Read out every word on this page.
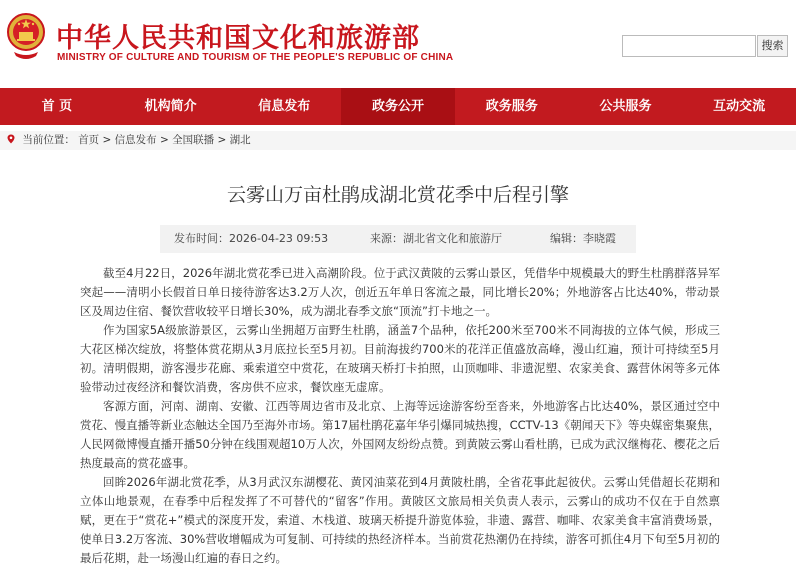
中华人民共和国文化和旅游部
MINISTRY OF CULTURE AND TOURISM OF THE PEOPLE'S REPUBLIC OF CHINA
搜索
首 页	机构简介	信息发布	政务公开	政务服务	公共服务	互动交流
当前位置： 首页 > 信息发布 > 全国联播 > 湖北
云雾山万亩杜鹃成湖北赏花季中后程引擎
发布时间：2026-04-23 09:53	来源：湖北省文化和旅游厅	编辑：李晓霞

截至4月22日，2026年湖北赏花季已进入高潮阶段。位于武汉黄陂的云雾山景区，凭借华中规模最大的野生杜鹃群落异军突起——清明小长假首日单日接待游客达3.2万人次，创近五年单日客流之最，同比增长20%；外地游客占比达40%，带动景区及周边住宿、餐饮营收较平日增长30%，成为湖北春季文旅“顶流”打卡地之一。

作为国家5A级旅游景区，云雾山坐拥超万亩野生杜鹃，涵盖7个品种，依托200米至700米不同海拔的立体气候，形成三大花区梯次绽放，将整体赏花期从3月底拉长至5月初。目前海拔约700米的花洋正值盛放高峰，漫山红遍，预计可持续至5月初。清明假期，游客漫步花廊、乘索道空中赏花，在玻璃天桥打卡拍照，山顶咖啡、非遗泥塑、农家美食、露营休闲等多元体验带动过夜经济和餐饮消费，客房供不应求，餐饮座无虚席。

客源方面，河南、湖南、安徽、江西等周边省市及北京、上海等远途游客纷至沓来，外地游客占比达40%，景区通过空中赏花、慢直播等新业态触达全国乃至海外市场。第17届杜鹃花嘉年华引爆同城热搜，CCTV-13《朝闻天下》等央媒密集聚焦，人民网微博慢直播开播50分钟在线围观超10万人次，外国网友纷纷点赞。到黄陂云雾山看杜鹃，已成为武汉继梅花、樱花之后热度最高的赏花盛事。

回眸2026年湖北赏花季，从3月武汉东湖樱花、黄冈油菜花到4月黄陂杜鹃，全省花事此起彼伏。云雾山凭借超长花期和立体山地景观，在春季中后程发挥了不可替代的“留客”作用。黄陂区文旅局相关负责人表示，云雾山的成功不仅在于自然禀赋，更在于“赏花+”模式的深度开发，索道、木栈道、玻璃天桥提升游览体验，非遗、露营、咖啡、农家美食丰富消费场景，使单日3.2万客流、30%营收增幅成为可复制、可持续的热经济样本。当前赏花热潮仍在持续，游客可抓住4月下旬至5月初的最后花期，赴一场漫山红遍的春日之约。
